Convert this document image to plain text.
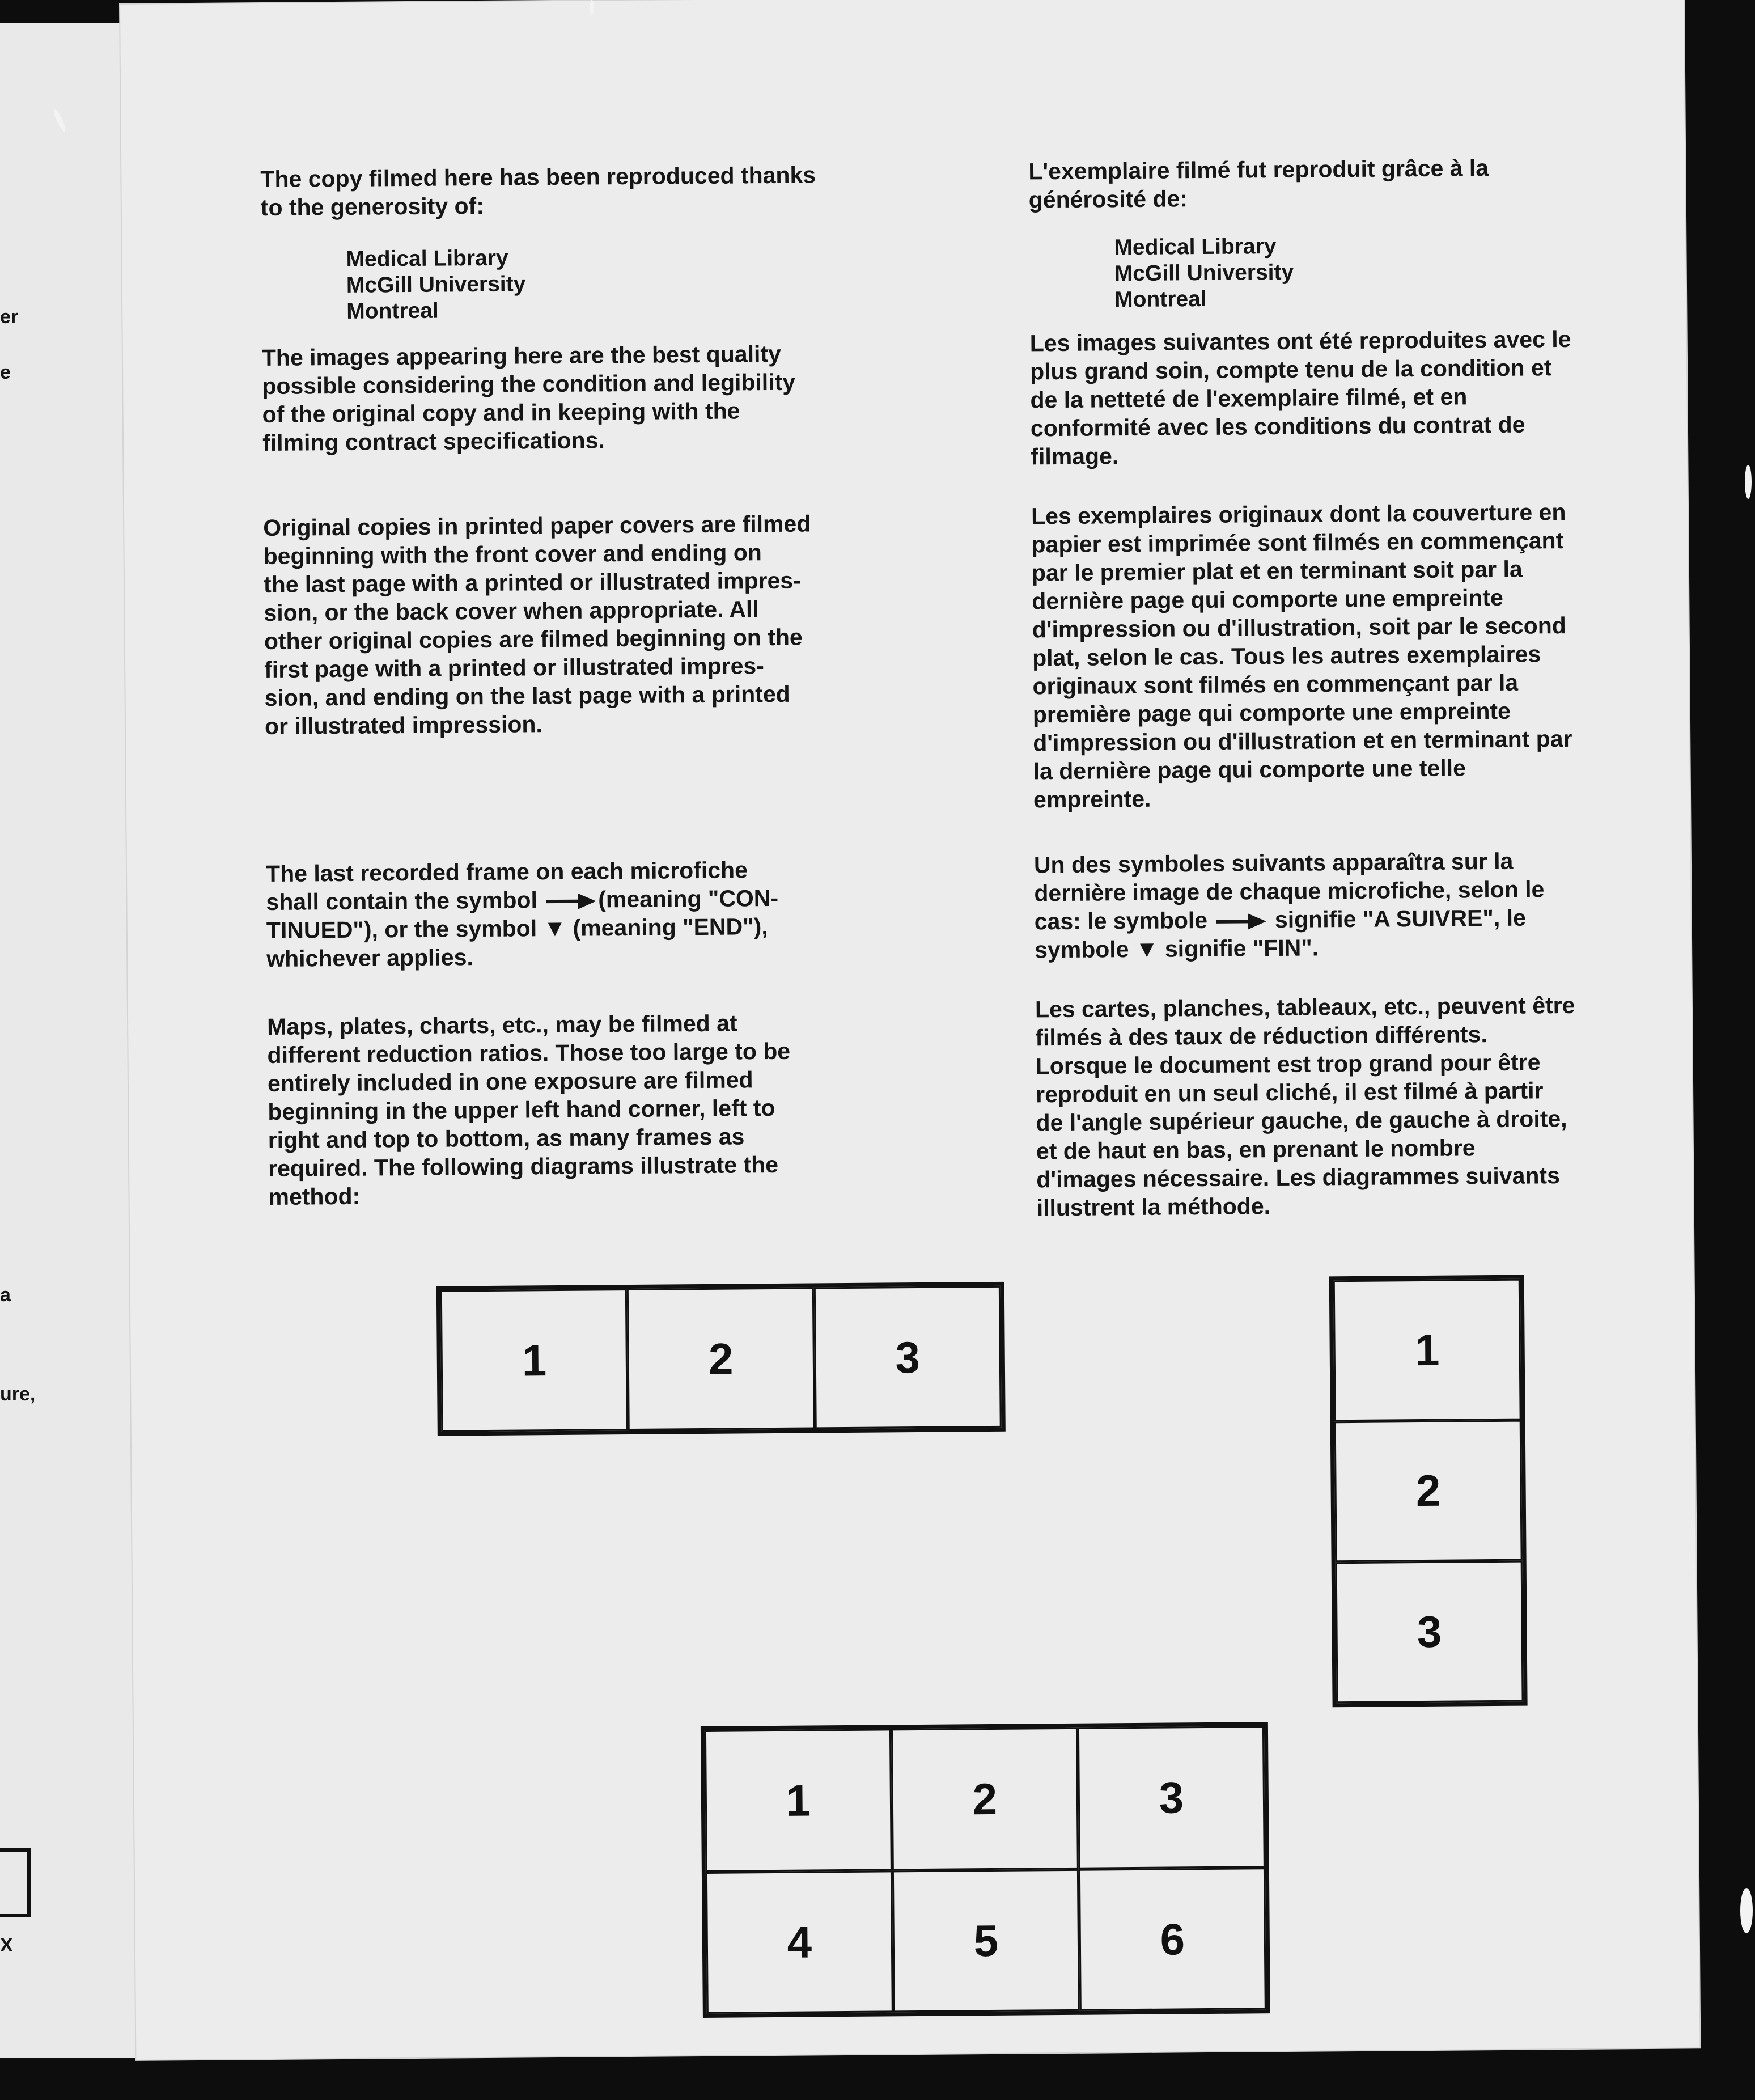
er
e
a
ure,
X

The copy filmed here has been reproduced thanks
to the generosity of:

Medical Library

McGill University

Montreal

The images appearing here are the best quality
possible considering the condition and legibility
of the original copy and in keeping with the
filming contract specifications.

Original copies in printed paper covers are filmed
beginning with the front cover and ending on
the last page with a printed or illustrated impres-
sion, or the back cover when appropriate. All
other original copies are filmed beginning on the
first page with a printed or illustrated impres-
sion, and ending on the last page with a printed
or illustrated impression.

The last recorded frame on each microfiche

shall contain the symbol	(meaning "CON-

TINUED"), or the symbol ▼ (meaning "END"),

whichever applies.

Maps, plates, charts, etc., may be filmed at
different reduction ratios. Those too large to be
entirely included in one exposure are filmed
beginning in the upper left hand corner, left to
right and top to bottom, as many frames as
required. The following diagrams illustrate the
method:

L'exemplaire filmé fut reproduit grâce à la
générosité de:

Medical Library

McGill University

Montreal

Les images suivantes ont été reproduites avec le
plus grand soin, compte tenu de la condition et
de la netteté de l'exemplaire filmé, et en
conformité avec les conditions du contrat de
filmage.

Les exemplaires originaux dont la couverture en
papier est imprimée sont filmés en commençant
par le premier plat et en terminant soit par la
dernière page qui comporte une empreinte
d'impression ou d'illustration, soit par le second
plat, selon le cas. Tous les autres exemplaires
originaux sont filmés en commençant par la
première page qui comporte une empreinte
d'impression ou d'illustration et en terminant par
la dernière page qui comporte une telle
empreinte.

Un des symboles suivants apparaîtra sur la

dernière image de chaque microfiche, selon le

cas: le symbole	signifie "A SUIVRE", le

symbole ▼ signifie "FIN".

Les cartes, planches, tableaux, etc., peuvent être
filmés à des taux de réduction différents.
Lorsque le document est trop grand pour être
reproduit en un seul cliché, il est filmé à partir
de l'angle supérieur gauche, de gauche à droite,
et de haut en bas, en prenant le nombre
d'images nécessaire. Les diagrammes suivants
illustrent la méthode.

1	2	3	1
2
3
1	2	3
4	5	6
